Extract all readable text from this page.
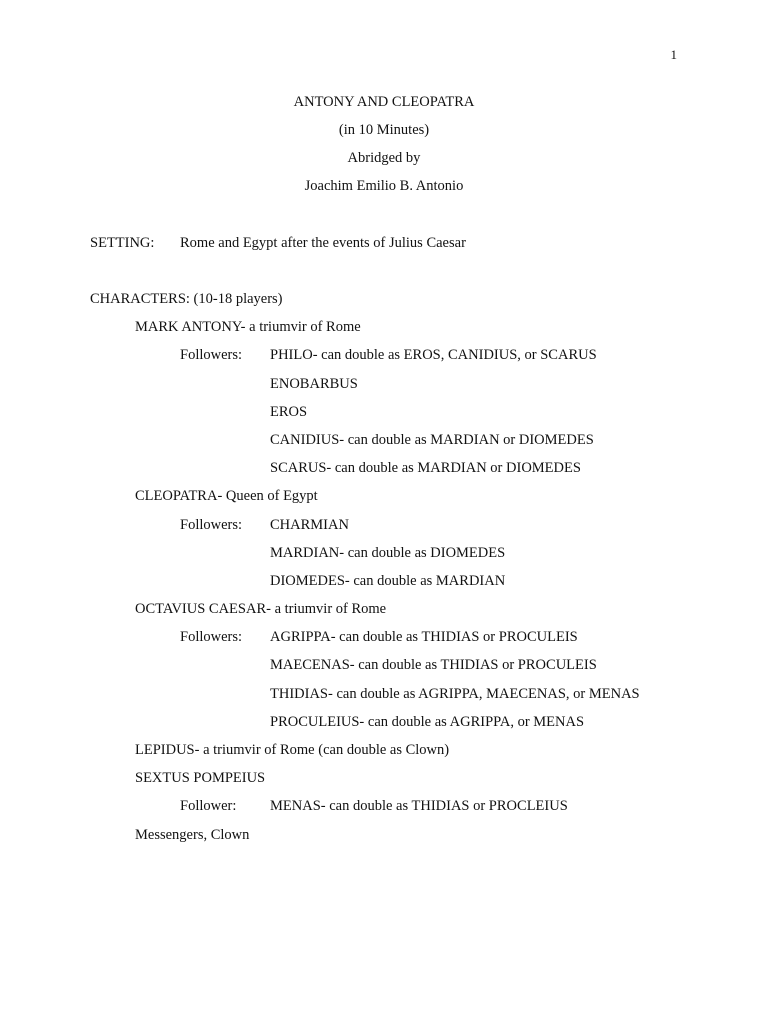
1
ANTONY AND CLEOPATRA
(in 10 Minutes)
Abridged by
Joachim Emilio B. Antonio
SETTING: Rome and Egypt after the events of Julius Caesar
CHARACTERS: (10-18 players)
MARK ANTONY- a triumvir of Rome
Followers: PHILO- can double as EROS, CANIDIUS, or SCARUS
ENOBARBUS
EROS
CANIDIUS- can double as MARDIAN or DIOMEDES
SCARUS- can double as MARDIAN or DIOMEDES
CLEOPATRA- Queen of Egypt
Followers: CHARMIAN
MARDIAN- can double as DIOMEDES
DIOMEDES- can double as MARDIAN
OCTAVIUS CAESAR- a triumvir of Rome
Followers: AGRIPPA- can double as THIDIAS or PROCULEIS
MAECENAS- can double as THIDIAS or PROCULEIS
THIDIAS- can double as AGRIPPA, MAECENAS, or MENAS
PROCULEIUS- can double as AGRIPPA, or MENAS
LEPIDUS- a triumvir of Rome (can double as Clown)
SEXTUS POMPEIUS
Follower: MENAS- can double as THIDIAS or PROCLEIUS
Messengers, Clown
